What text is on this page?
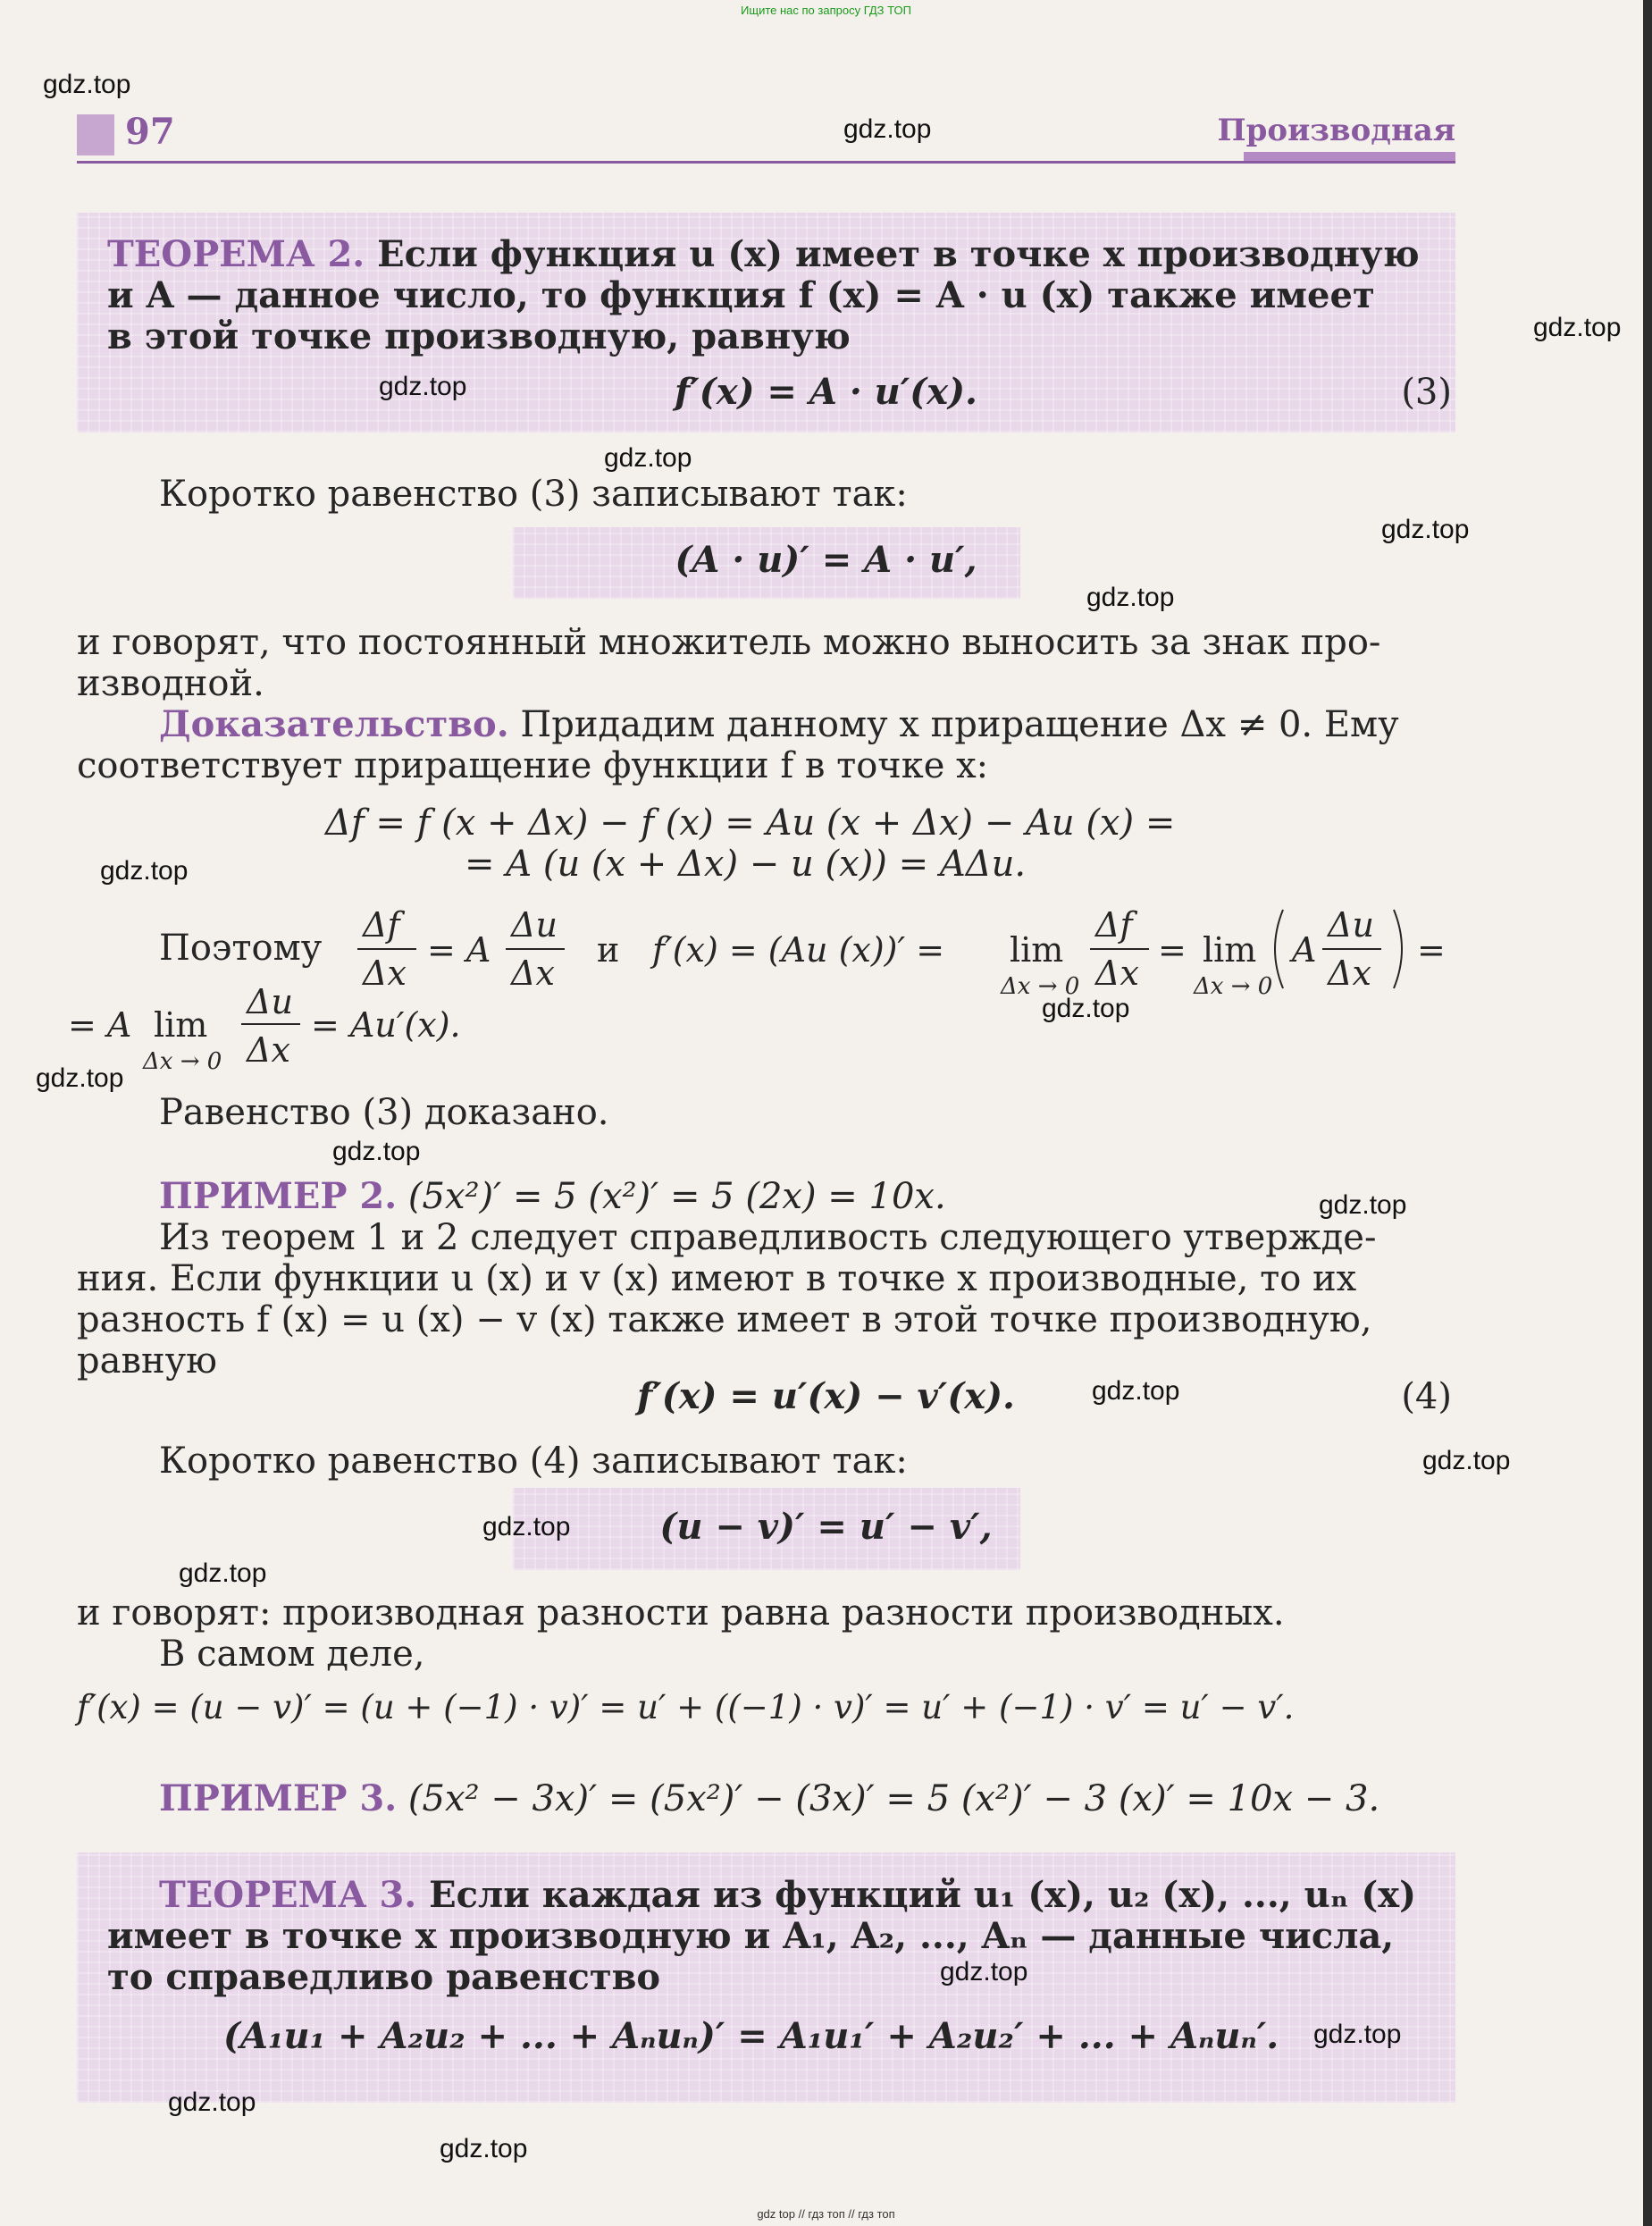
Ищите нас по запросу ГДЗ ТОП
97	Производная
ТЕОРЕМА 2. Если функция u (x) имеет в точке x производную
и A — данное число, то функция f (x) = A · u (x) также имеет
в этой точке производную, равную
f′(x) = A · u′(x).	(3)
Коротко равенство (3) записывают так:
(A · u)′ = A · u′,
и говорят, что постоянный множитель можно выносить за знак про-
изводной.
Доказательство. Придадим данному x приращение Δx ≠ 0. Ему
соответствует приращение функции f в точке x:
Δf = f (x + Δx) − f (x) = Au (x + Δx) − Au (x) =
= A (u (x + Δx) − u (x)) = AΔu.
Поэтому
Δf
Δx
= A
Δu
Δx
и f′(x) = (Au (x))′ = lim
Δx → 0
Δf
Δx
= lim
Δx → 0
A
Δu
Δx
=
= A lim
Δx → 0
Δu
Δx
= Au′(x).
Равенство (3) доказано.
ПРИМЕР 2. (5x²)′ = 5 (x²)′ = 5 (2x) = 10x.
Из теорем 1 и 2 следует справедливость следующего утвержде-
ния. Если функции u (x) и v (x) имеют в точке x производные, то их
разность f (x) = u (x) − v (x) также имеет в этой точке производную,
равную
f′(x) = u′(x) − v′(x).	(4)
Коротко равенство (4) записывают так:
(u − v)′ = u′ − v′,
и говорят: производная разности равна разности производных.
В самом деле,
f′(x) = (u − v)′ = (u + (−1) · v)′ = u′ + ((−1) · v)′ = u′ + (−1) · v′ = u′ − v′.
ПРИМЕР 3. (5x² − 3x)′ = (5x²)′ − (3x)′ = 5 (x²)′ − 3 (x)′ = 10x − 3.
ТЕОРЕМА 3. Если каждая из функций u₁ (x), u₂ (x), ..., uₙ (x)
имеет в точке x производную и A₁, A₂, ..., Aₙ — данные числа,
то справедливо равенство
(A₁u₁ + A₂u₂ + ... + Aₙuₙ)′ = A₁u₁′ + A₂u₂′ + ... + Aₙuₙ′.
gdz.top
gdz.top
gdz.top
gdz.top
gdz.top
gdz.top
gdz.top
gdz.top
gdz.top
gdz.top
gdz.top
gdz.top
gdz.top
gdz.top
gdz.top
gdz.top
gdz.top
gdz.top
gdz.top
gdz.top
gdz top // гдз топ // гдз топ
